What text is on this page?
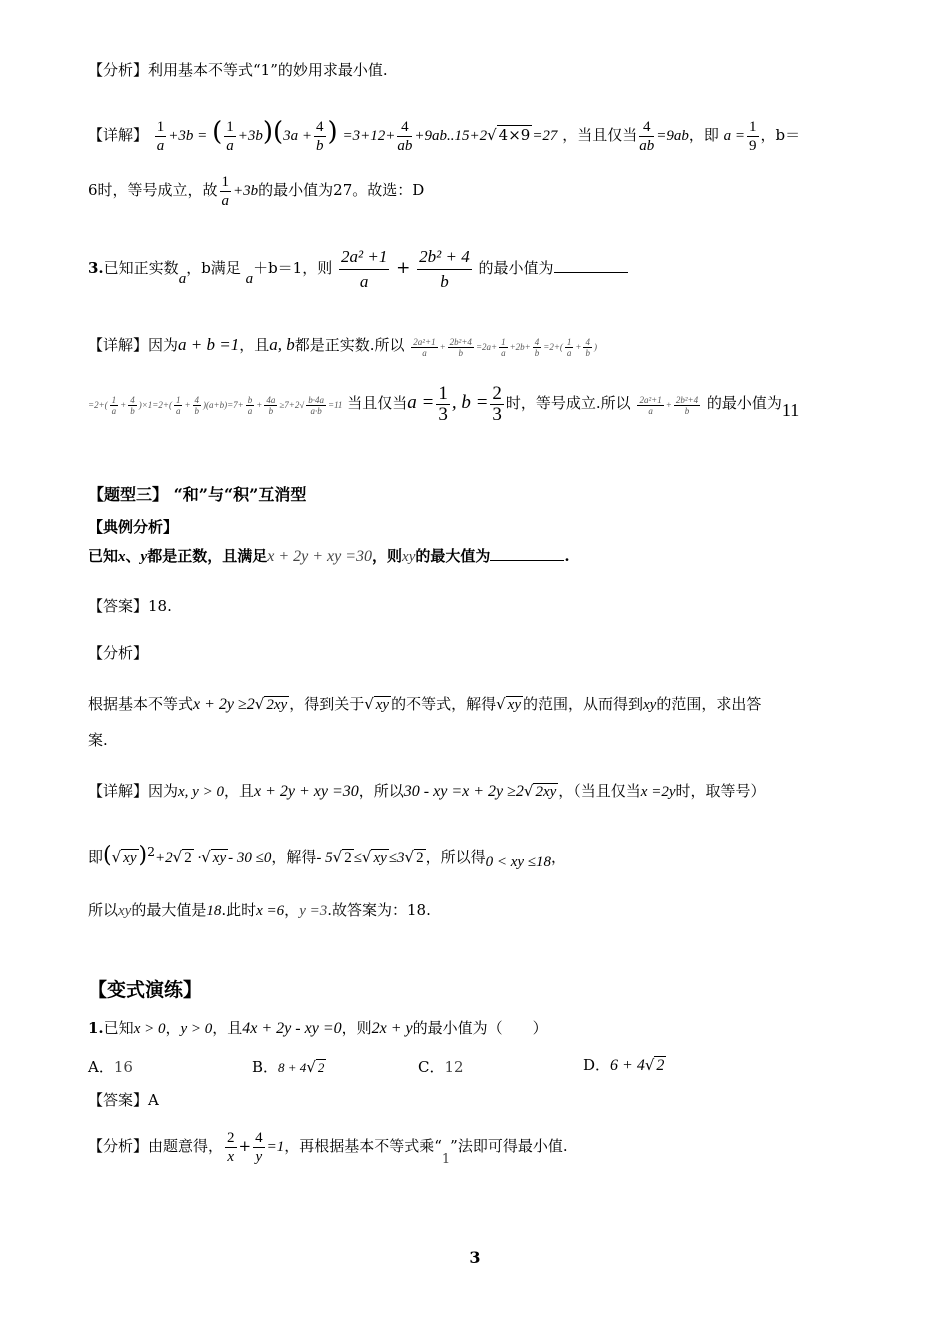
【分析】利用基本不等式“1”的妙用求最小值.
【详解】 $\frac{1}{a} +3b$ = ( $\frac{1}{a} +3b)(3a + \frac{4}{b}$ ) $=3+12+ \frac{4}{ab} +9ab..15+2√$ 4×9 =27 ，当且仅当 $\frac{4}{ab} =9ab$，即 $a = \frac{1}{9}$ ，b＝
6时，等号成立，故 $\frac{1}{a} +3b$的最小值为27。故选：D
3.已知正实数a，b满足 a＋b＝1，则 $\frac{\text{2a² +1}}{a} + \frac{\text{2b² + 4}}{b}$ 的最小值为
【详解】因为a + b =1，且a, b都是正实数.所以 $\frac{\text{2a²+1}}{a} + \frac{\text{2b²+4}}{b} =2a+ \frac{1}{a} +2b+ \frac{4}{b} =2+( \frac{1}{a} + \frac{4}{b}$ )
$=2+( \frac{1}{a} + \frac{4}{b} )\times 1=2+( \frac{1}{a} + \frac{4}{b} )(a+b)=7+ \frac{b}{a} + \frac{4a}{b} \ge 7+2√ \frac{b\cdot 4a}{a\cdot b} =11$ 当且仅当$a = \frac{1}{3}$ , $b = \frac{2}{3}$ 时，等号成立.所以 $\frac{\text{2a²+1}}{a} + \frac{\text{2b²+4}}{b}$ 的最小值为11
【题型三】 “和”与“积”互消型
【典例分析】
已知x、y都是正数，且满足x + 2y + xy =30，则xy的最大值为	.
【答案】18.
【分析】
根据基本不等式x + 2y ≥2√ 2xy ，得到关于√ xy 的不等式，解得√ xy 的范围，从而得到xy的范围，求出答
案.
【详解】因为x, y > 0，且x + 2y + xy =30，所以30 - xy =x + 2y ≥2√ 2xy ，（当且仅当x =2y时，取等号）
即(√ xy)$^2$+2√ 2 ·√ xy - 30 ≤0，解得- 5√ 2 ≤√ xy ≤3√ 2 ，所以得0 < xy ≤18，
所以xy的最大值是18.此时x =6，y =3.故答案为：18.
【变式演练】
1.已知x > 0，y > 0，且4x + 2y - xy =0，则2x + y的最小值为（　　）
A．16	B．8 + 4√ 2	C．12	D．6 + 4√ 2
【答案】A
【分析】由题意得， $\frac{2}{x} + \frac{4}{y} =1$，再根据基本不等式乘“1”法即可得最小值.
3
